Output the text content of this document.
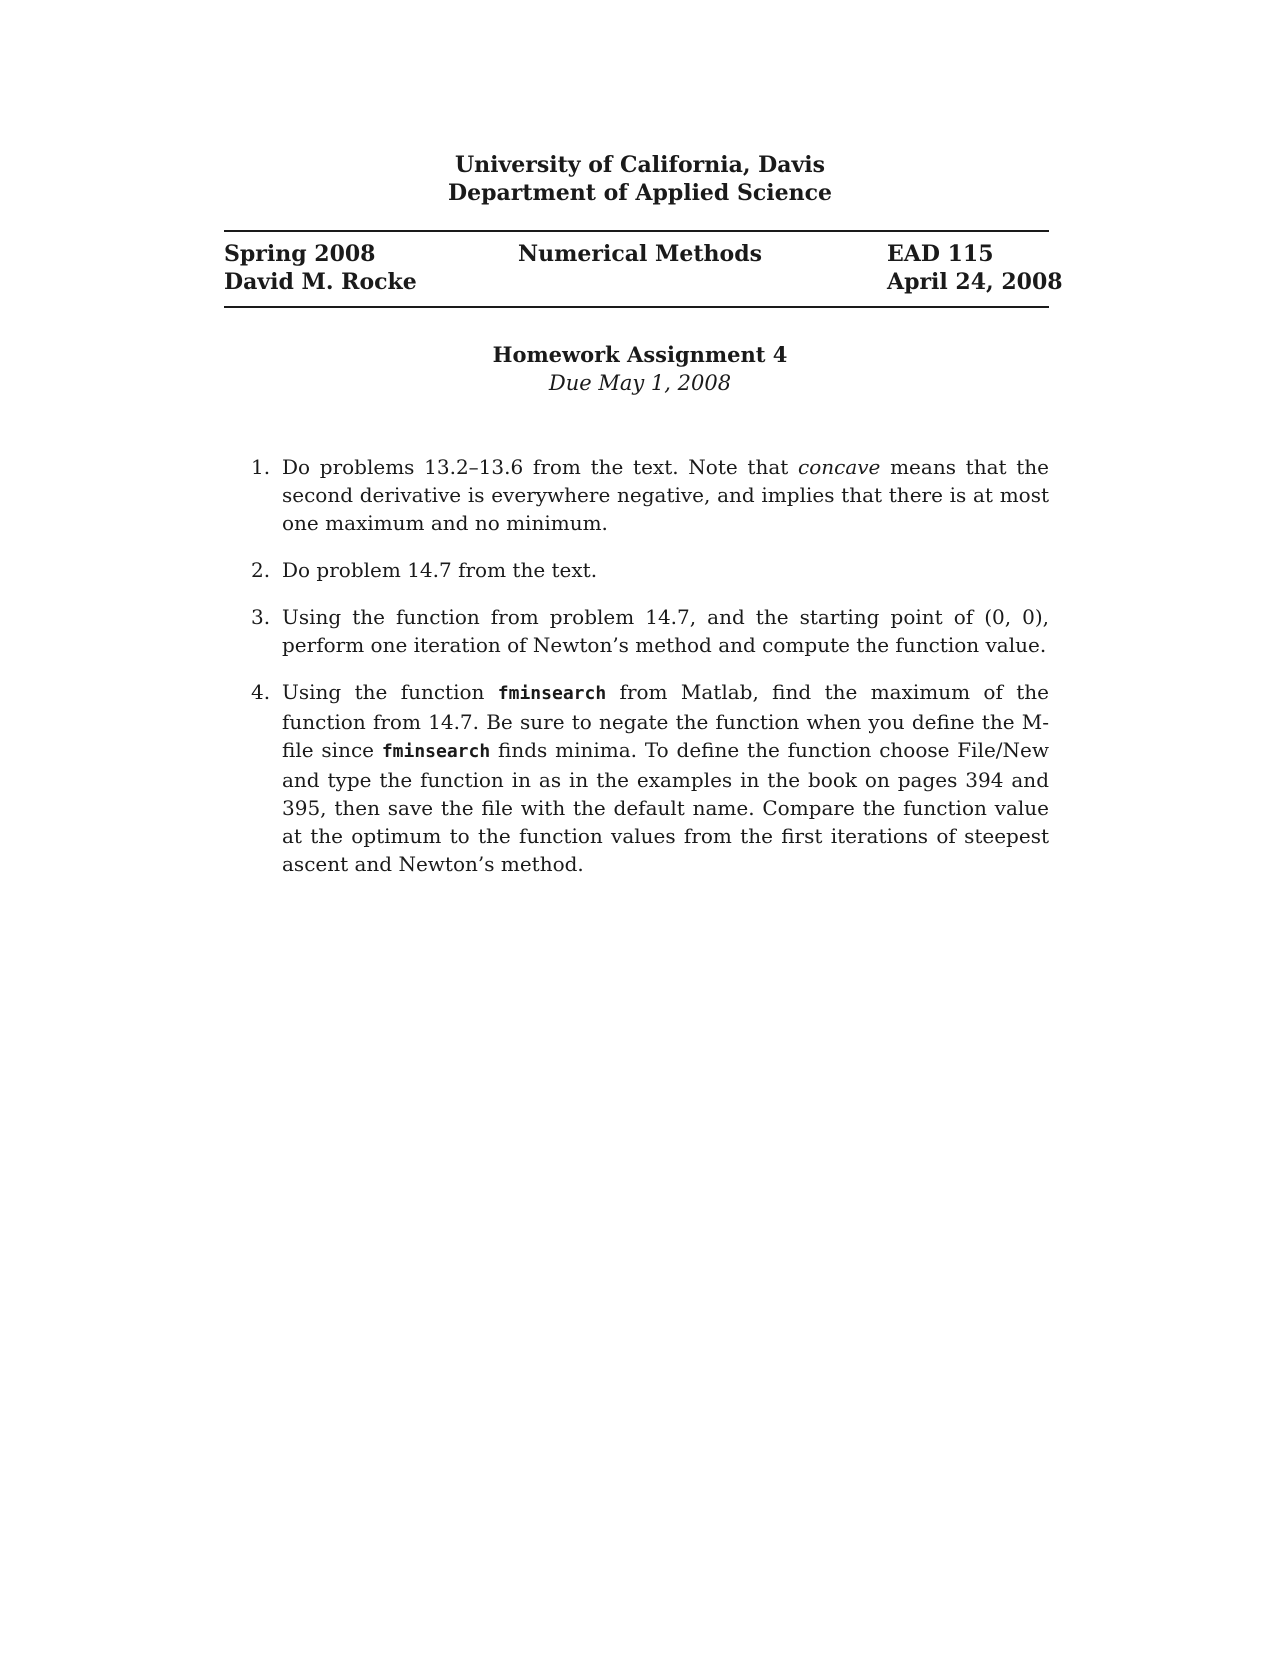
University of California, Davis
Department of Applied Science
Spring 2008
David M. Rocke
Numerical Methods	EAD 115
April 24, 2008
Homework Assignment 4
Due May 1, 2008
1. Do problems 13.2–13.6 from the text. Note that concave means that the second derivative is everywhere negative, and implies that there is at most one maximum and no minimum.
2. Do problem 14.7 from the text.
3. Using the function from problem 14.7, and the starting point of (0, 0), perform one iteration of Newton’s method and compute the function value.
4. Using the function fminsearch from Matlab, find the maximum of the function from 14.7. Be sure to negate the function when you define the M-file since fminsearch finds minima. To define the function choose File/New and type the function in as in the examples in the book on pages 394 and 395, then save the file with the default name. Compare the function value at the optimum to the function values from the first iterations of steepest ascent and Newton’s method.
